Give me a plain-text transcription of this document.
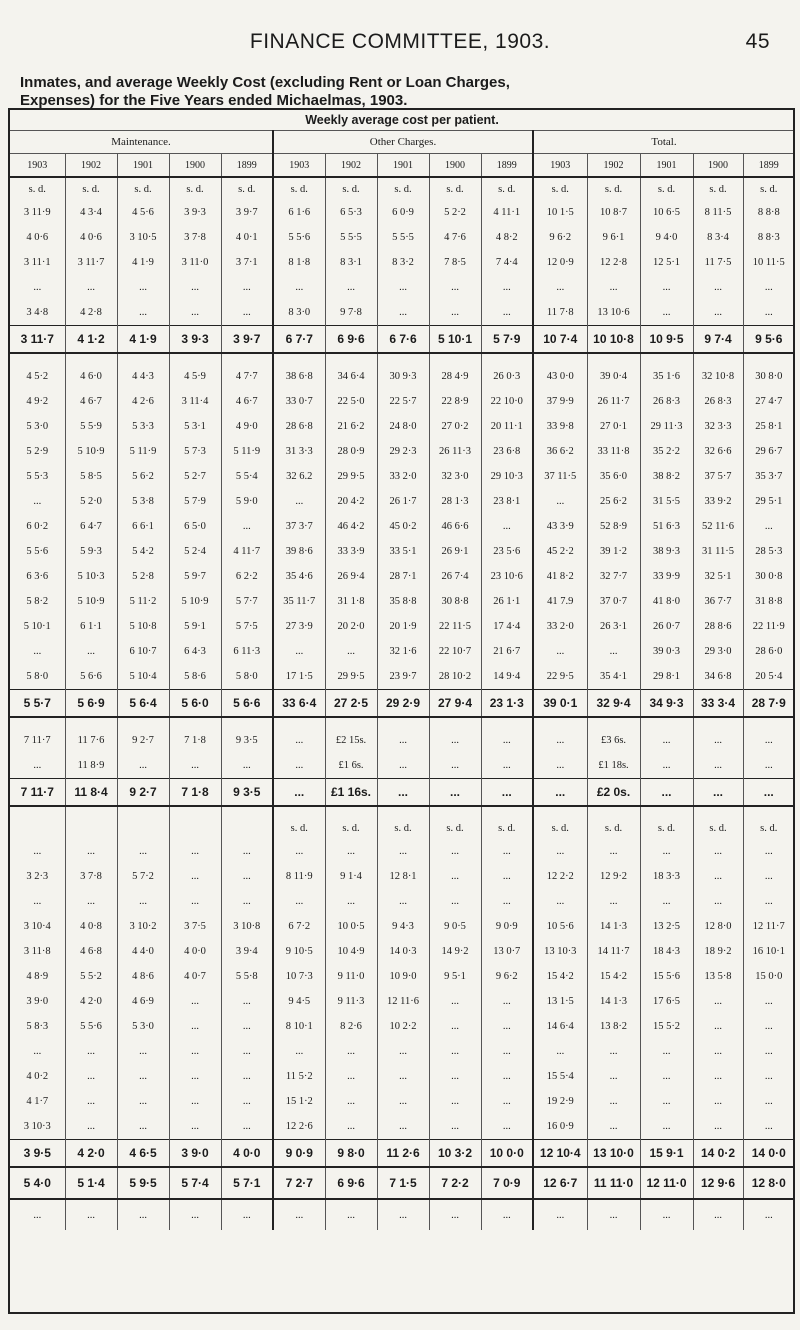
FINANCE COMMITTEE, 1903.	45
Inmates, and average Weekly Cost (excluding Rent or Loan Charges,
Expenses) for the Five Years ended Michaelmas, 1903.
Weekly average cost per patient.														
Maintenance.					Other Charges.					Total.				
1903	1902	1901	1900	1899	1903	1902	1901	1900	1899	1903	1902	1901	1900	1899
s. d.	s. d.	s. d.	s. d.	s. d.	s. d.	s. d.	s. d.	s. d.	s. d.	s. d.	s. d.	s. d.	s. d.	s. d.
3 11·9	4 3·4	4 5·6	3 9·3	3 9·7	6 1·6	6 5·3	6 0·9	5 2·2	4 11·1	10 1·5	10 8·7	10 6·5	8 11·5	8 8·8
4 0·6	4 0·6	3 10·5	3 7·8	4 0·1	5 5·6	5 5·5	5 5·5	4 7·6	4 8·2	9 6·2	9 6·1	9 4·0	8 3·4	8 8·3
3 11·1	3 11·7	4 1·9	3 11·0	3 7·1	8 1·8	8 3·1	8 3·2	7 8·5	7 4·4	12 0·9	12 2·8	12 5·1	11 7·5	10 11·5
...	...	...	...	...	...	...	...	...	...	...	...	...	...	...
3 4·8	4 2·8	...	...	...	8 3·0	9 7·8	...	...	...	11 7·8	13 10·6	...	...	...
3 11·7	4 1·2	4 1·9	3 9·3	3 9·7	6 7·7	6 9·6	6 7·6	5 10·1	5 7·9	10 7·4	10 10·8	10 9·5	9 7·4	9 5·6

4 5·2	4 6·0	4 4·3	4 5·9	4 7·7	38 6·8	34 6·4	30 9·3	28 4·9	26 0·3	43 0·0	39 0·4	35 1·6	32 10·8	30 8·0
4 9·2	4 6·7	4 2·6	3 11·4	4 6·7	33 0·7	22 5·0	22 5·7	22 8·9	22 10·0	37 9·9	26 11·7	26 8·3	26 8·3	27 4·7
5 3·0	5 5·9	5 3·3	5 3·1	4 9·0	28 6·8	21 6·2	24 8·0	27 0·2	20 11·1	33 9·8	27 0·1	29 11·3	32 3·3	25 8·1
5 2·9	5 10·9	5 11·9	5 7·3	5 11·9	31 3·3	28 0·9	29 2·3	26 11·3	23 6·8	36 6·2	33 11·8	35 2·2	32 6·6	29 6·7
5 5·3	5 8·5	5 6·2	5 2·7	5 5·4	32 6.2	29 9·5	33 2·0	32 3·0	29 10·3	37 11·5	35 6·0	38 8·2	37 5·7	35 3·7
...	5 2·0	5 3·8	5 7·9	5 9·0	...	20 4·2	26 1·7	28 1·3	23 8·1	...	25 6·2	31 5·5	33 9·2	29 5·1
6 0·2	6 4·7	6 6·1	6 5·0	...	37 3·7	46 4·2	45 0·2	46 6·6	...	43 3·9	52 8·9	51 6·3	52 11·6	...
5 5·6	5 9·3	5 4·2	5 2·4	4 11·7	39 8·6	33 3·9	33 5·1	26 9·1	23 5·6	45 2·2	39 1·2	38 9·3	31 11·5	28 5·3
6 3·6	5 10·3	5 2·8	5 9·7	6 2·2	35 4·6	26 9·4	28 7·1	26 7·4	23 10·6	41 8·2	32 7·7	33 9·9	32 5·1	30 0·8
5 8·2	5 10·9	5 11·2	5 10·9	5 7·7	35 11·7	31 1·8	35 8·8	30 8·8	26 1·1	41 7.9	37 0·7	41 8·0	36 7·7	31 8·8
5 10·1	6 1·1	5 10·8	5 9·1	5 7·5	27 3·9	20 2·0	20 1·9	22 11·5	17 4·4	33 2·0	26 3·1	26 0·7	28 8·6	22 11·9
...	...	6 10·7	6 4·3	6 11·3	...	...	32 1·6	22 10·7	21 6·7	...	...	39 0·3	29 3·0	28 6·0
5 8·0	5 6·6	5 10·4	5 8·6	5 8·0	17 1·5	29 9·5	23 9·7	28 10·2	14 9·4	22 9·5	35 4·1	29 8·1	34 6·8	20 5·4
5 5·7	5 6·9	5 6·4	5 6·0	5 6·6	33 6·4	27 2·5	29 2·9	27 9·4	23 1·3	39 0·1	32 9·4	34 9·3	33 3·4	28 7·9

7 11·7	11 7·6	9 2·7	7 1·8	9 3·5	...	£2 15s.	...	...	...	...	£3 6s.	...	...	...
...	11 8·9	...	...	...	...	£1 6s.	...	...	...	...	£1 18s.	...	...	...
7 11·7	11 8·4	9 2·7	7 1·8	9 3·5	...	£1 16s.	...	...	...	...	£2 0s.	...	...	...

					s. d.	s. d.	s. d.	s. d.	s. d.	s. d.	s. d.	s. d.	s. d.	s. d.
...	...	...	...	...	...	...	...	...	...	...	...	...	...	...
3 2·3	3 7·8	5 7·2	...	...	8 11·9	9 1·4	12 8·1	...	...	12 2·2	12 9·2	18 3·3	...	...
...	...	...	...	...	...	...	...	...	...	...	...	...	...	...
3 10·4	4 0·8	3 10·2	3 7·5	3 10·8	6 7·2	10 0·5	9 4·3	9 0·5	9 0·9	10 5·6	14 1·3	13 2·5	12 8·0	12 11·7
3 11·8	4 6·8	4 4·0	4 0·0	3 9·4	9 10·5	10 4·9	14 0·3	14 9·2	13 0·7	13 10·3	14 11·7	18 4·3	18 9·2	16 10·1
4 8·9	5 5·2	4 8·6	4 0·7	5 5·8	10 7·3	9 11·0	10 9·0	9 5·1	9 6·2	15 4·2	15 4·2	15 5·6	13 5·8	15 0·0
3 9·0	4 2·0	4 6·9	...	...	9 4·5	9 11·3	12 11·6	...	...	13 1·5	14 1·3	17 6·5	...	...
5 8·3	5 5·6	5 3·0	...	...	8 10·1	8 2·6	10 2·2	...	...	14 6·4	13 8·2	15 5·2	...	...
...	...	...	...	...	...	...	...	...	...	...	...	...	...	...
4 0·2	...	...	...	...	11 5·2	...	...	...	...	15 5·4	...	...	...	...
4 1·7	...	...	...	...	15 1·2	...	...	...	...	19 2·9	...	...	...	...
3 10·3	...	...	...	...	12 2·6	...	...	...	...	16 0·9	...	...	...	...
3 9·5	4 2·0	4 6·5	3 9·0	4 0·0	9 0·9	9 8·0	11 2·6	10 3·2	10 0·0	12 10·4	13 10·0	15 9·1	14 0·2	14 0·0
5 4·0	5 1·4	5 9·5	5 7·4	5 7·1	7 2·7	6 9·6	7 1·5	7 2·2	7 0·9	12 6·7	11 11·0	12 11·0	12 9·6	12 8·0
...	...	...	...	...	...	...	...	...	...	...	...	...	...	...
